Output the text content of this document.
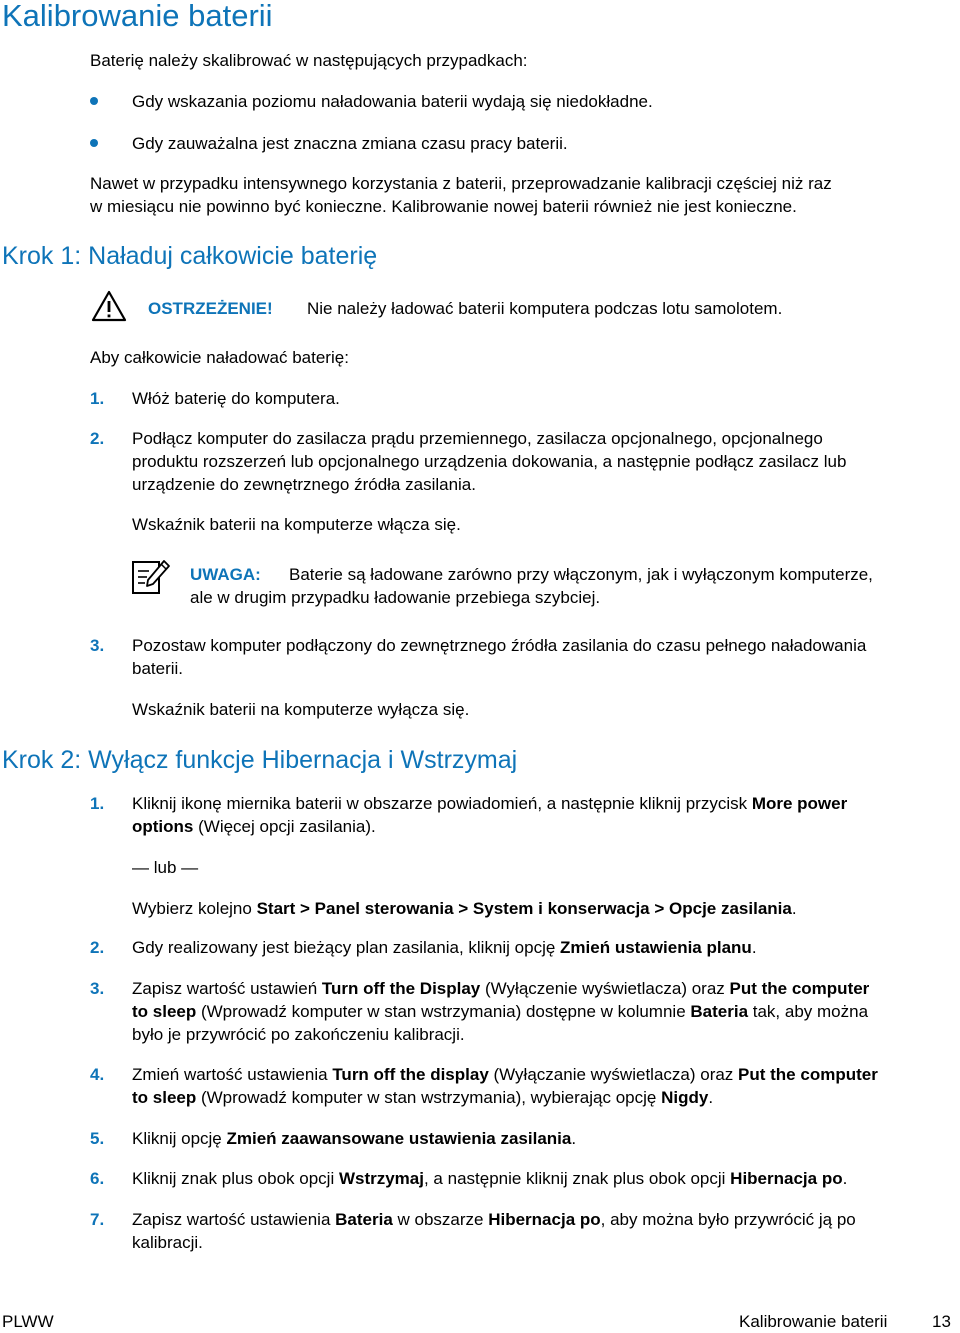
Kalibrowanie baterii

Baterię należy skalibrować w następujących przypadkach:

Gdy wskazania poziomu naładowania baterii wydają się niedokładne.

Gdy zauważalna jest znaczna zmiana czasu pracy baterii.

Nawet w przypadku intensywnego korzystania z baterii, przeprowadzanie kalibracji częściej niż raz

w miesiącu nie powinno być konieczne. Kalibrowanie nowej baterii również nie jest konieczne.

Krok 1: Naładuj całkowicie baterię
OSTRZEŻENIE! Nie należy ładować baterii komputera podczas lotu samolotem.

Aby całkowicie naładować baterię:

1. Włóż baterię do komputera.

2. Podłącz komputer do zasilacza prądu przemiennego, zasilacza opcjonalnego, opcjonalnego

produktu rozszerzeń lub opcjonalnego urządzenia dokowania, a następnie podłącz zasilacz lub

urządzenie do zewnętrznego źródła zasilania.

Wskaźnik baterii na komputerze włącza się.

UWAGA: Baterie są ładowane zarówno przy włączonym, jak i wyłączonym komputerze,
ale w drugim przypadku ładowanie przebiega szybciej.
3. Pozostaw komputer podłączony do zewnętrznego źródła zasilania do czasu pełnego naładowania

baterii.

Wskaźnik baterii na komputerze wyłącza się.

Krok 2: Wyłącz funkcje Hibernacja i Wstrzymaj
1. Kliknij ikonę miernika baterii w obszarze powiadomień, a następnie kliknij przycisk More power

options (Więcej opcji zasilania).

— lub —

Wybierz kolejno Start > Panel sterowania > System i konserwacja > Opcje zasilania.

2. Gdy realizowany jest bieżący plan zasilania, kliknij opcję Zmień ustawienia planu.

3. Zapisz wartość ustawień Turn off the Display (Wyłączenie wyświetlacza) oraz Put the computer

to sleep (Wprowadź komputer w stan wstrzymania) dostępne w kolumnie Bateria tak, aby można

było je przywrócić po zakończeniu kalibracji.

4. Zmień wartość ustawienia Turn off the display (Wyłączanie wyświetlacza) oraz Put the computer

to sleep (Wprowadź komputer w stan wstrzymania), wybierając opcję Nigdy.

5. Kliknij opcję Zmień zaawansowane ustawienia zasilania.

6. Kliknij znak plus obok opcji Wstrzymaj, a następnie kliknij znak plus obok opcji Hibernacja po.

7. Zapisz wartość ustawienia Bateria w obszarze Hibernacja po, aby można było przywrócić ją po

kalibracji.

PLWW	Kalibrowanie baterii	13
